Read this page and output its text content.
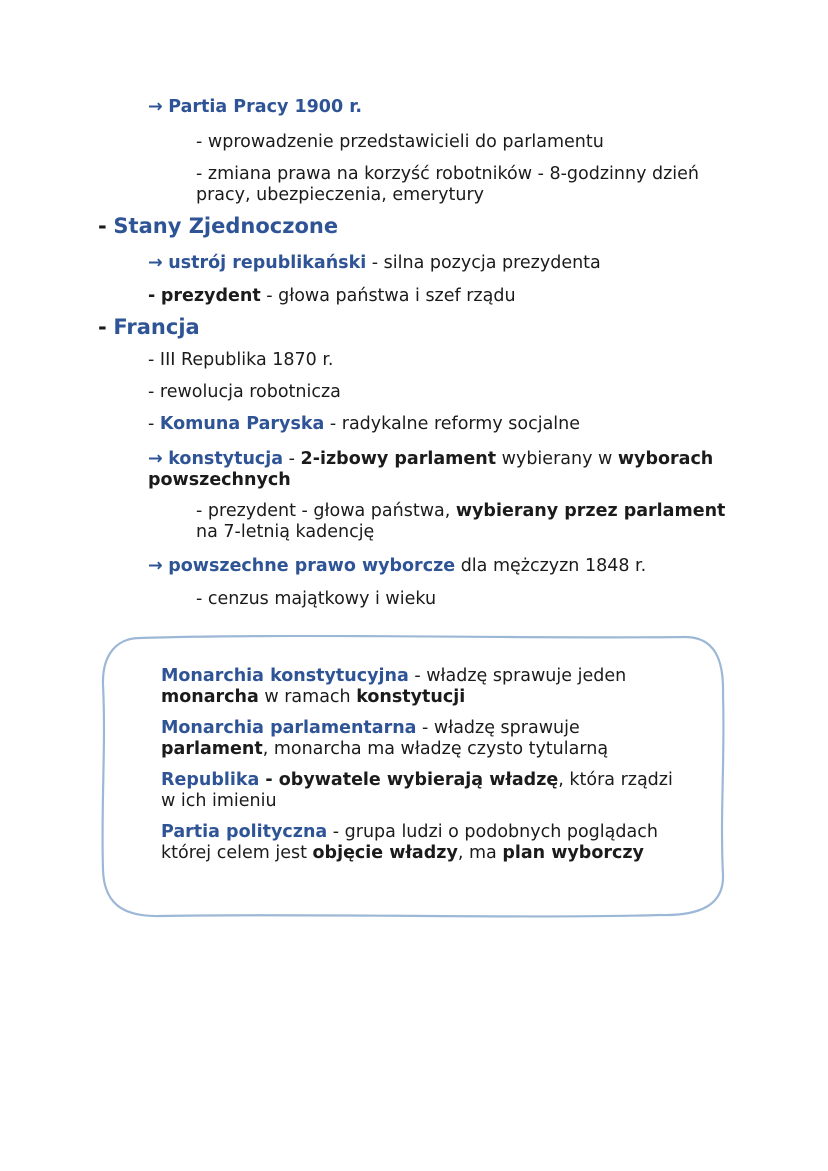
→ Partia Pracy 1900 r.
- wprowadzenie przedstawicieli do parlamentu
- zmiana prawa na korzyść robotników - 8-godzinny dzień
pracy, ubezpieczenia, emerytury
- Stany Zjednoczone
→ ustrój republikański - silna pozycja prezydenta
- prezydent - głowa państwa i szef rządu
- Francja
- III Republika 1870 r.
- rewolucja robotnicza
- Komuna Paryska - radykalne reformy socjalne
→ konstytucja - 2-izbowy parlament wybierany w wyborach
powszechnych
- prezydent - głowa państwa, wybierany przez parlament
na 7-letnią kadencję
→ powszechne prawo wyborcze dla mężczyzn 1848 r.
- cenzus majątkowy i wieku
Monarchia konstytucyjna - władzę sprawuje jeden
monarcha w ramach konstytucji
Monarchia parlamentarna - władzę sprawuje
parlament, monarcha ma władzę czysto tytularną
Republika - obywatele wybierają władzę, która rządzi
w ich imieniu
Partia polityczna - grupa ludzi o podobnych poglądach
której celem jest objęcie władzy, ma plan wyborczy
